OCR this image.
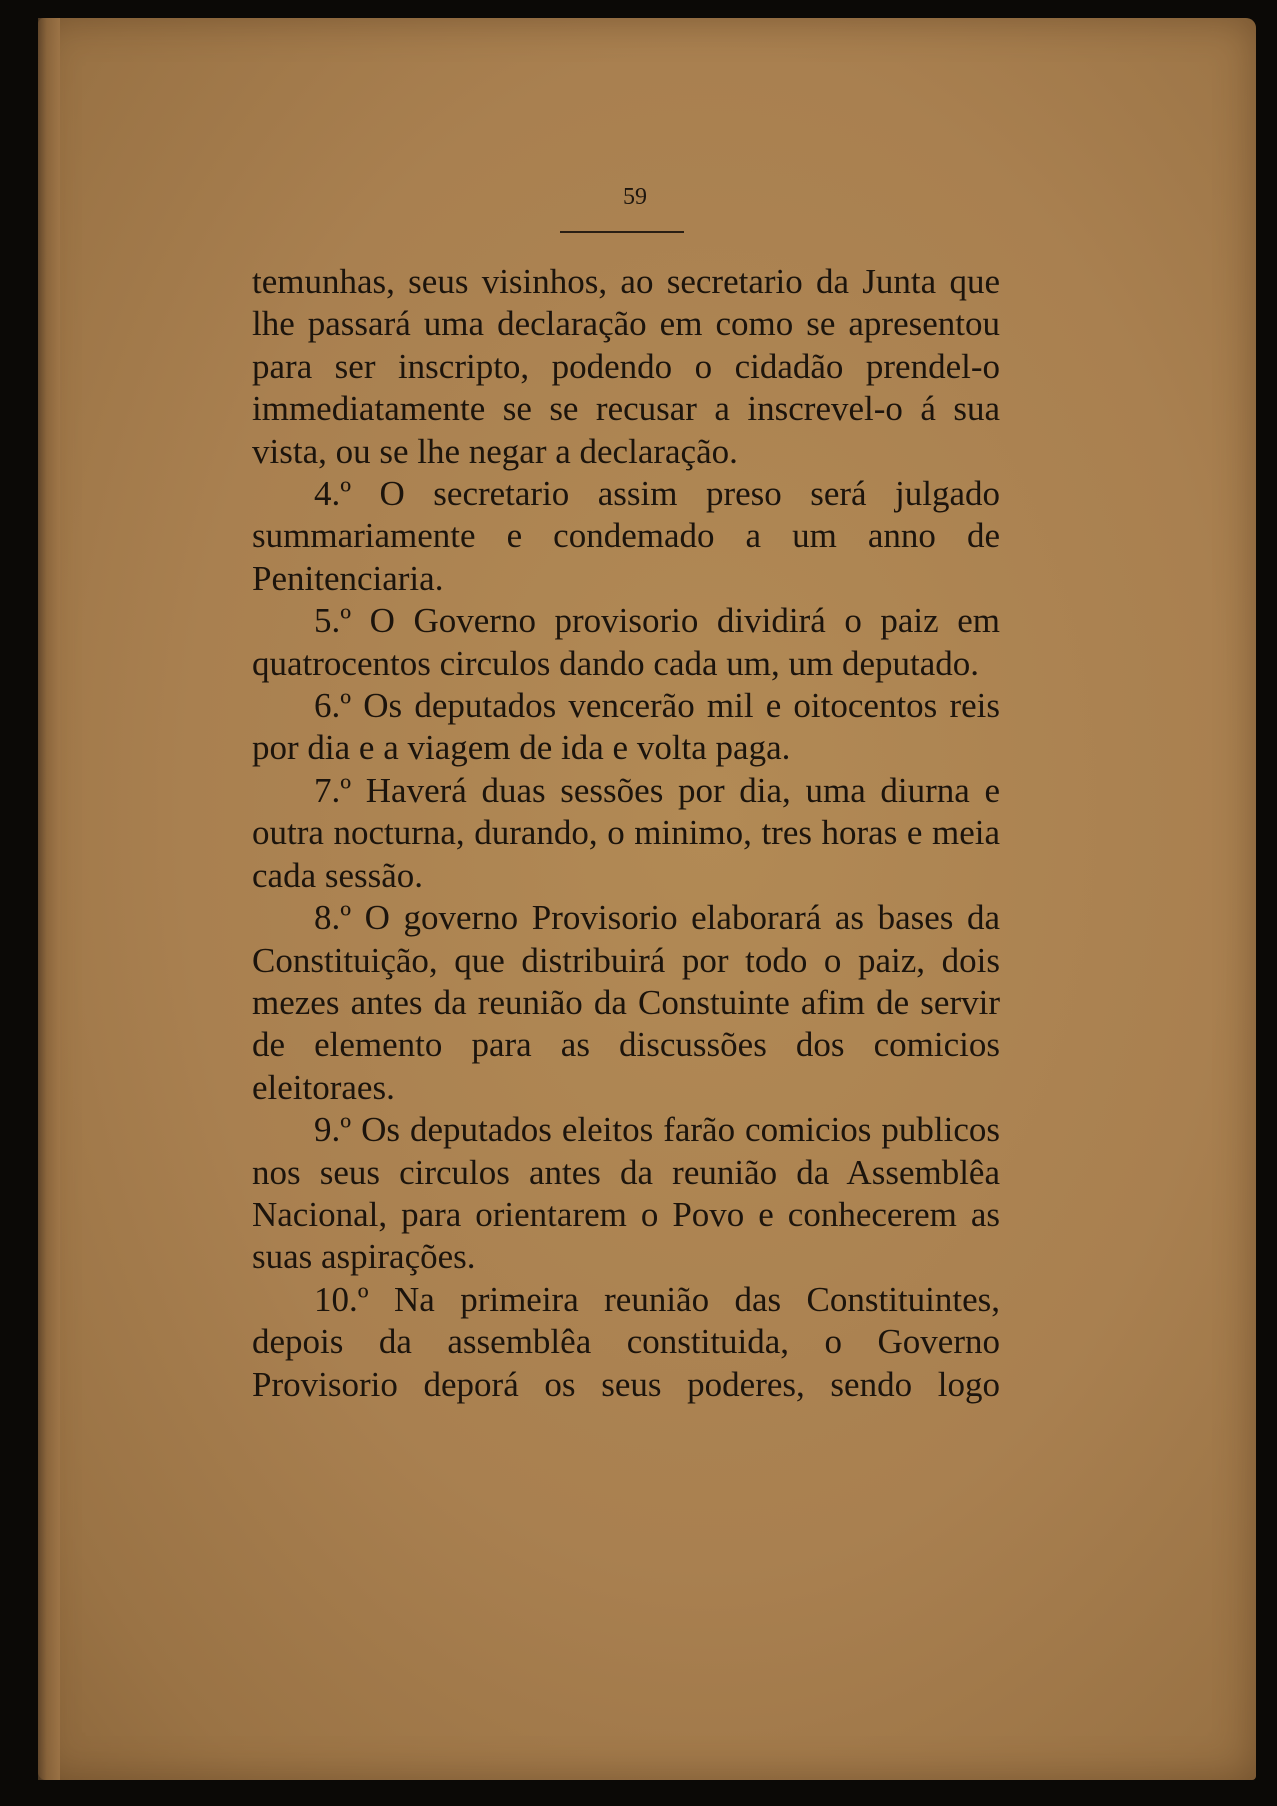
59

temunhas, seus visinhos, ao secretario da Junta que lhe passará uma declaração em como se apresentou para ser inscripto, podendo o cidadão prendel-o immediatamente se se recusar a inscrevel-o á sua vista, ou se lhe negar a declaração.

4.º O secretario assim preso será julgado summariamente e condemado a um anno de Penitenciaria.

5.º O Governo provisorio dividirá o paiz em quatrocentos circulos dando cada um, um deputado.

6.º Os deputados vencerão mil e oitocentos reis por dia e a viagem de ida e volta paga.

7.º Haverá duas sessões por dia, uma diurna e outra nocturna, durando, o minimo, tres horas e meia cada sessão.

8.º O governo Provisorio elaborará as bases da Constituição, que distribuirá por todo o paiz, dois mezes antes da reunião da Constuinte afim de servir de elemento para as discussões dos comicios eleitoraes.

9.º Os deputados eleitos farão comicios publicos nos seus circulos antes da reunião da Assemblêa Nacional, para orientarem o Povo e conhecerem as suas aspirações.

10.º Na primeira reunião das Constituintes, depois da assemblêa constituida, o Governo Provisorio deporá os seus poderes, sendo logo
